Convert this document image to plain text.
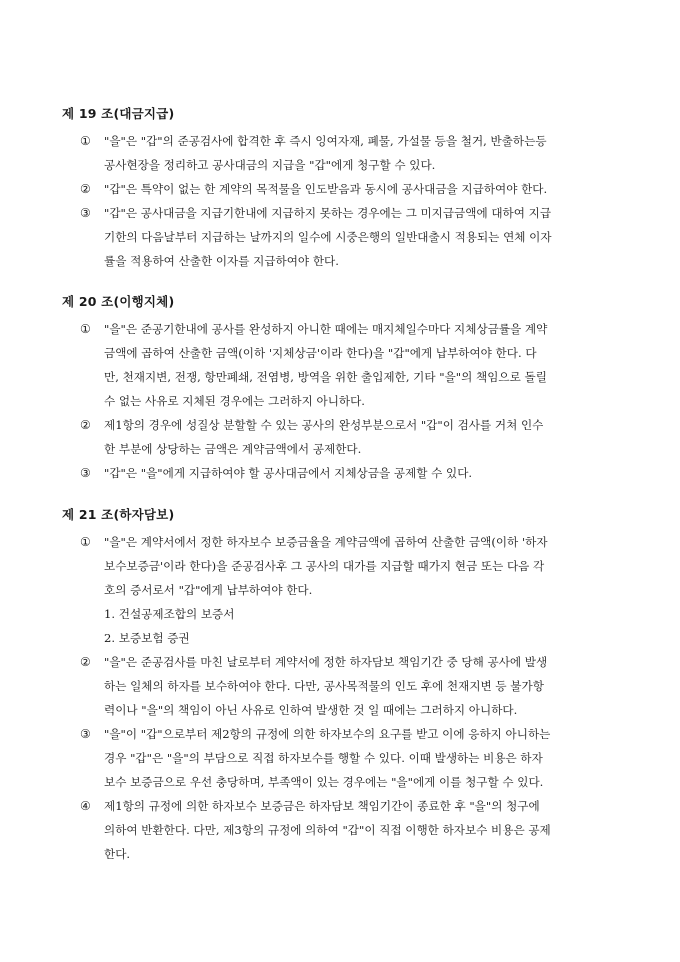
제 19 조(대금지급)
①	"을"은 "갑"의 준공검사에 합격한 후 즉시 잉여자재, 폐물, 가설물 등을 철거, 반출하는등
공사현장을 정리하고 공사대금의 지급을 "갑"에게 청구할 수 있다.
②	"갑"은 특약이 없는 한 계약의 목적물을 인도받음과 동시에 공사대금을 지급하여야 한다.
③	"갑"은 공사대금을 지급기한내에 지급하지 못하는 경우에는 그 미지급금액에 대하여 지급
기한의 다음날부터 지급하는 날까지의 일수에 시중은행의 일반대출시 적용되는 연체 이자
률을 적용하여 산출한 이자를 지급하여야 한다.
제 20 조(이행지체)
①	"을"은 준공기한내에 공사를 완성하지 아니한 때에는 매지체일수마다 지체상금률을 계약
금액에 곱하여 산출한 금액(이하 '지체상금'이라 한다)을 "갑"에게 납부하여야 한다. 다
만, 천재지변, 전쟁, 항만폐쇄, 전염병, 방역을 위한 출입제한, 기타 "을"의 책임으로 돌릴
수 없는 사유로 지체된 경우에는 그러하지 아니하다.
②	제1항의 경우에 성질상 분할할 수 있는 공사의 완성부분으로서 "갑"이 검사를 거쳐 인수
한 부분에 상당하는 금액은 계약금액에서 공제한다.
③	"갑"은 "을"에게 지급하여야 할 공사대금에서 지체상금을 공제할 수 있다.
제 21 조(하자담보)
①	"을"은 계약서에서 정한 하자보수 보증금율을 계약금액에 곱하여 산출한 금액(이하 '하자
보수보증금'이라 한다)을 준공검사후 그 공사의 대가를 지급할 때가지 현금 또는 다음 각
호의 증서로서 "갑"에게 납부하여야 한다.
1. 건설공제조합의 보증서
2. 보증보험 증권
②	"을"은 준공검사를 마친 날로부터 계약서에 정한 하자담보 책임기간 중 당해 공사에 발생
하는 일체의 하자를 보수하여야 한다. 다만, 공사목적물의 인도 후에 천재지변 등 불가항
력이나 "을"의 책임이 아닌 사유로 인하여 발생한 것 일 때에는 그러하지 아니하다.
③	"을"이 "갑"으로부터 제2항의 규정에 의한 하자보수의 요구를 받고 이에 응하지 아니하는
경우 "갑"은 "을"의 부담으로 직접 하자보수를 행할 수 있다. 이때 발생하는 비용은 하자
보수 보증금으로 우선 충당하며, 부족액이 있는 경우에는 "을"에게 이를 청구할 수 있다.
④	제1항의 규정에 의한 하자보수 보증금은 하자담보 책임기간이 종료한 후 "을"의 청구에
의하여 반환한다. 다만, 제3항의 규정에 의하여 "갑"이 직접 이행한 하자보수 비용은 공제
한다.
